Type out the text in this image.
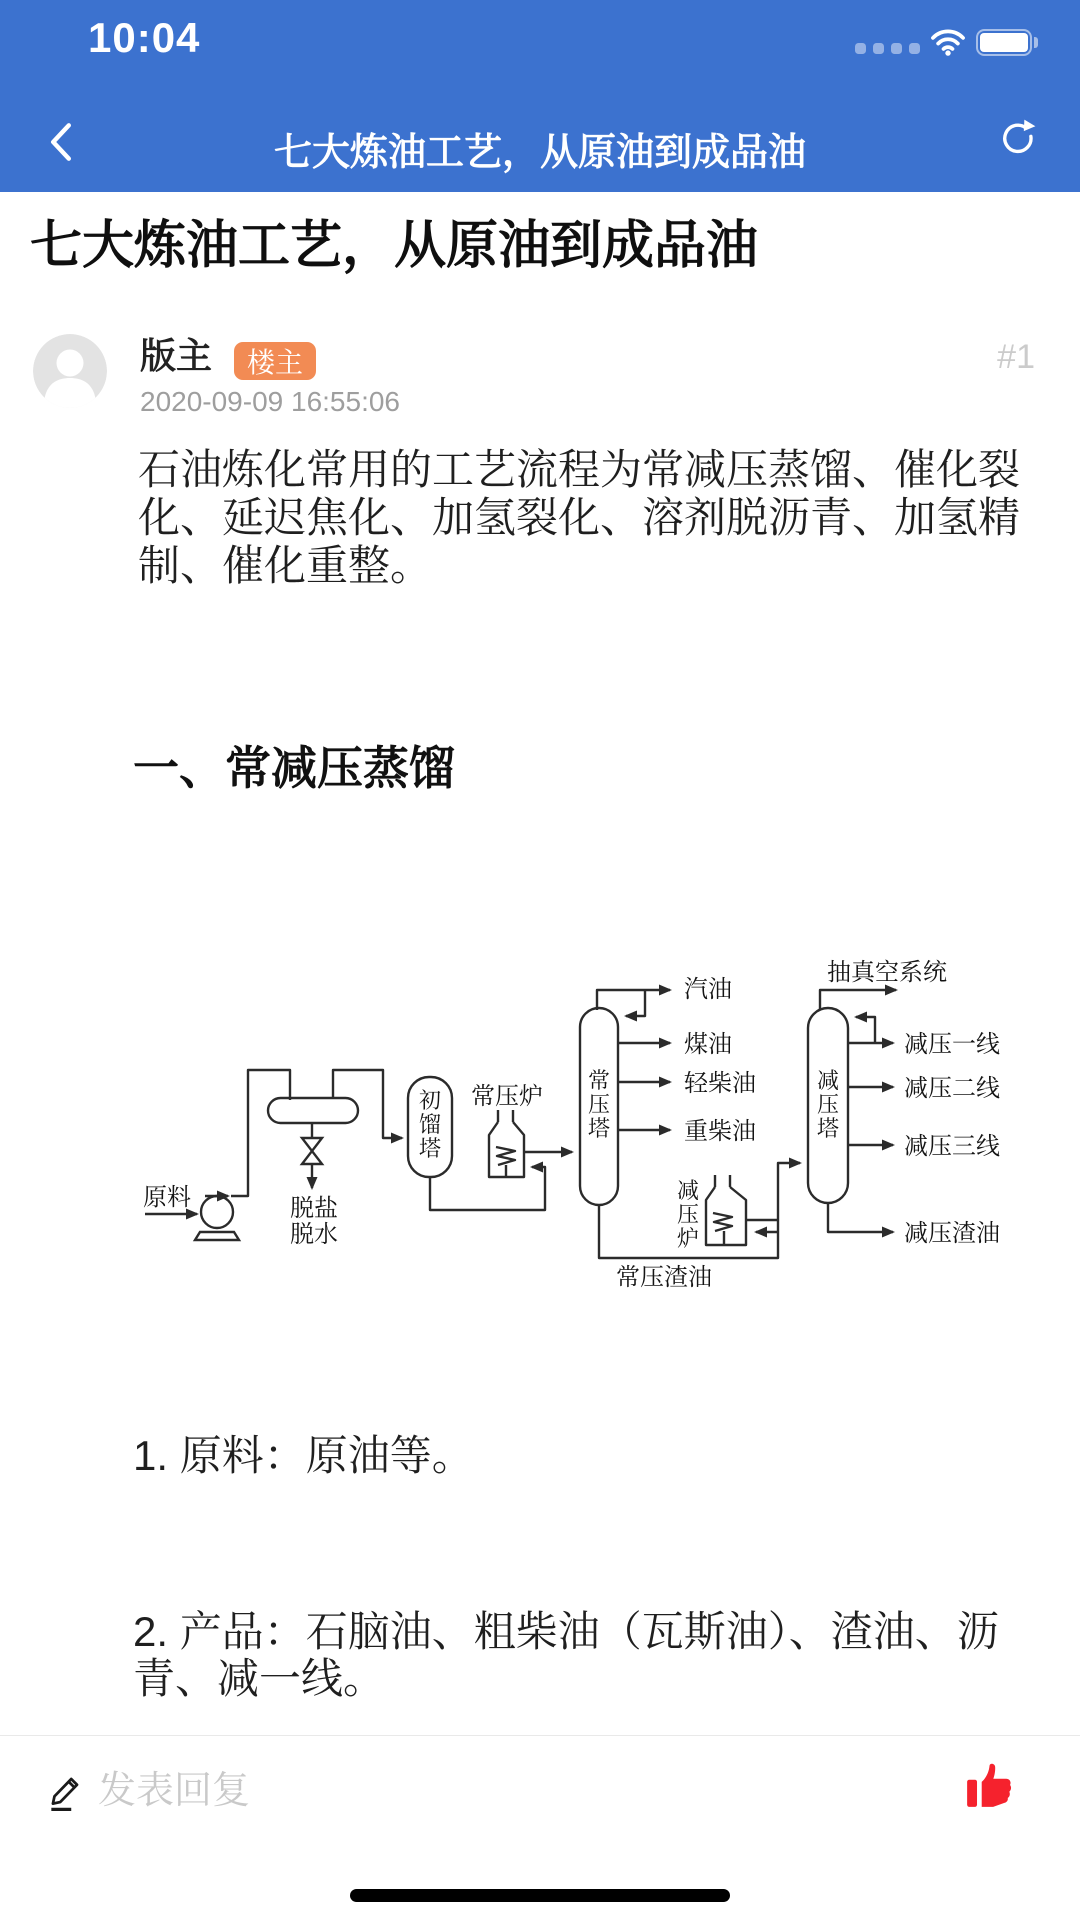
10:04
七大炼油工艺，从原油到成品油
七大炼油工艺，从原油到成品油
版主	楼主	#1
2020-09-09 16:55:06

石油炼化常用的工艺流程为常减压蒸馏、催化裂化、延迟焦化、加氢裂化、溶剂脱沥青、加氢精制、催化重整。

一、常减压蒸馏
原料	脱盐
脱水
初馏塔
常压炉
常压塔
汽油
煤油
轻柴油
重柴油
常压渣油
减压炉
减压塔
抽真空系统
减压一线
减压二线
减压三线
减压渣油

1. 原料：原油等。

2. 产品：石脑油、粗柴油（瓦斯油）、渣油、沥青、减一线。

发表回复
